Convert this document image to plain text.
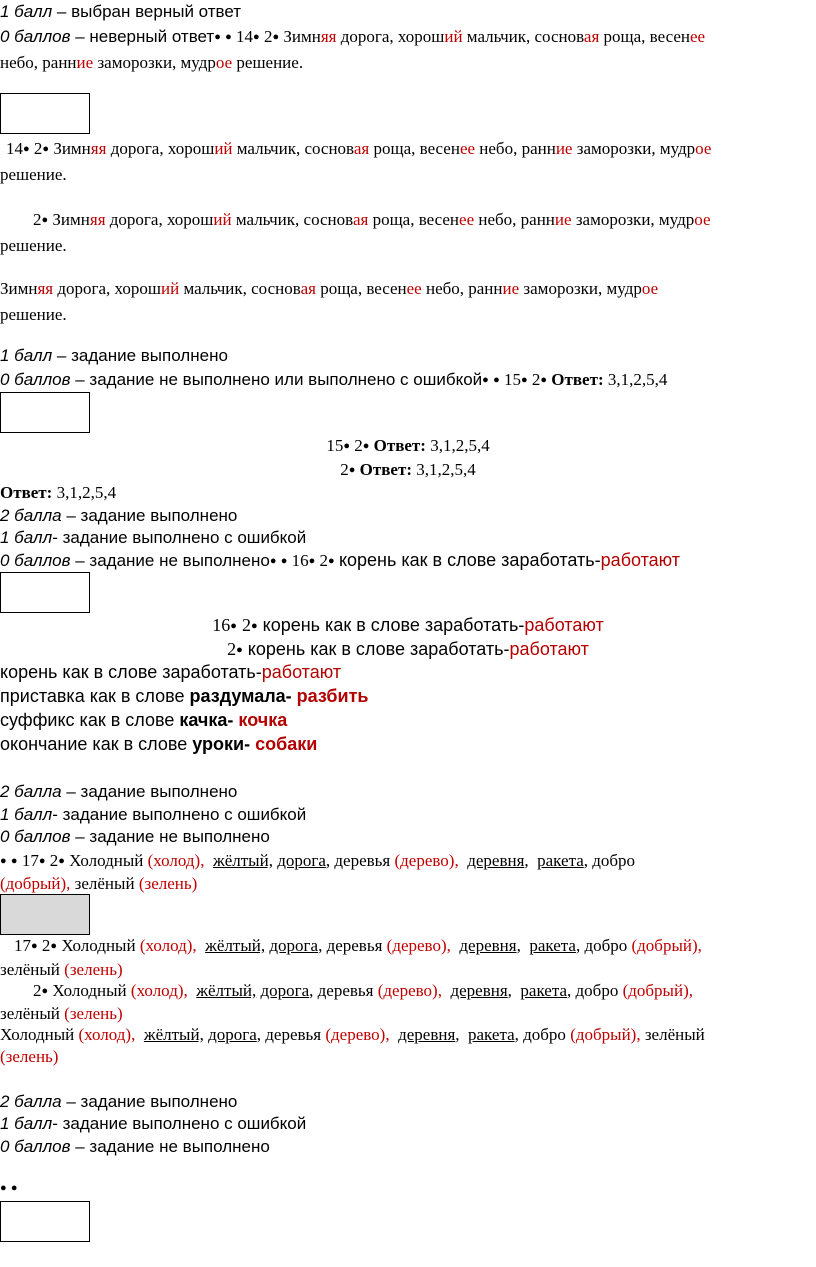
1 балл – выбран верный ответ
0 баллов – неверный ответ● ● 14● 2● Зимняя дорога, хороший мальчик, сосновая роща, весенее
небо, ранние заморозки, мудрое решение.
14● 2● Зимняя дорога, хороший мальчик, сосновая роща, весенее небо, ранние заморозки, мудрое
решение.
2● Зимняя дорога, хороший мальчик, сосновая роща, весенее небо, ранние заморозки, мудрое
решение.
Зимняя дорога, хороший мальчик, сосновая роща, весенее небо, ранние заморозки, мудрое
решение.
1 балл – задание выполнено
0 баллов – задание не выполнено или выполнено с ошибкой● ● 15● 2● Ответ: 3,1,2,5,4
15● 2● Ответ: 3,1,2,5,4
2● Ответ: 3,1,2,5,4
Ответ: 3,1,2,5,4
2 балла – задание выполнено
1 балл- задание выполнено с ошибкой
0 баллов – задание не выполнено● ● 16● 2● корень как в слове заработать-работают
16● 2● корень как в слове заработать-работают
2● корень как в слове заработать-работают
корень как в слове заработать-работают
приставка как в слове раздумала- разбить
суффикс как в слове качка- кочка
окончание как в слове уроки- собаки
2 балла – задание выполнено
1 балл- задание выполнено с ошибкой
0 баллов – задание не выполнено
● ● 17● 2● Холодный (холод), жёлтый, дорога, деревья (дерево), деревня,  ракета, добро
(добрый), зелёный (зелень)
17● 2● Холодный (холод), жёлтый, дорога, деревья (дерево), деревня,  ракета, добро (добрый),
зелёный (зелень)
2● Холодный (холод), жёлтый, дорога, деревья (дерево), деревня,  ракета, добро (добрый),
зелёный (зелень)
Холодный (холод), жёлтый, дорога, деревья (дерево), деревня,  ракета, добро (добрый), зелёный
(зелень)
2 балла – задание выполнено
1 балл- задание выполнено с ошибкой
0 баллов – задание не выполнено
● ●
